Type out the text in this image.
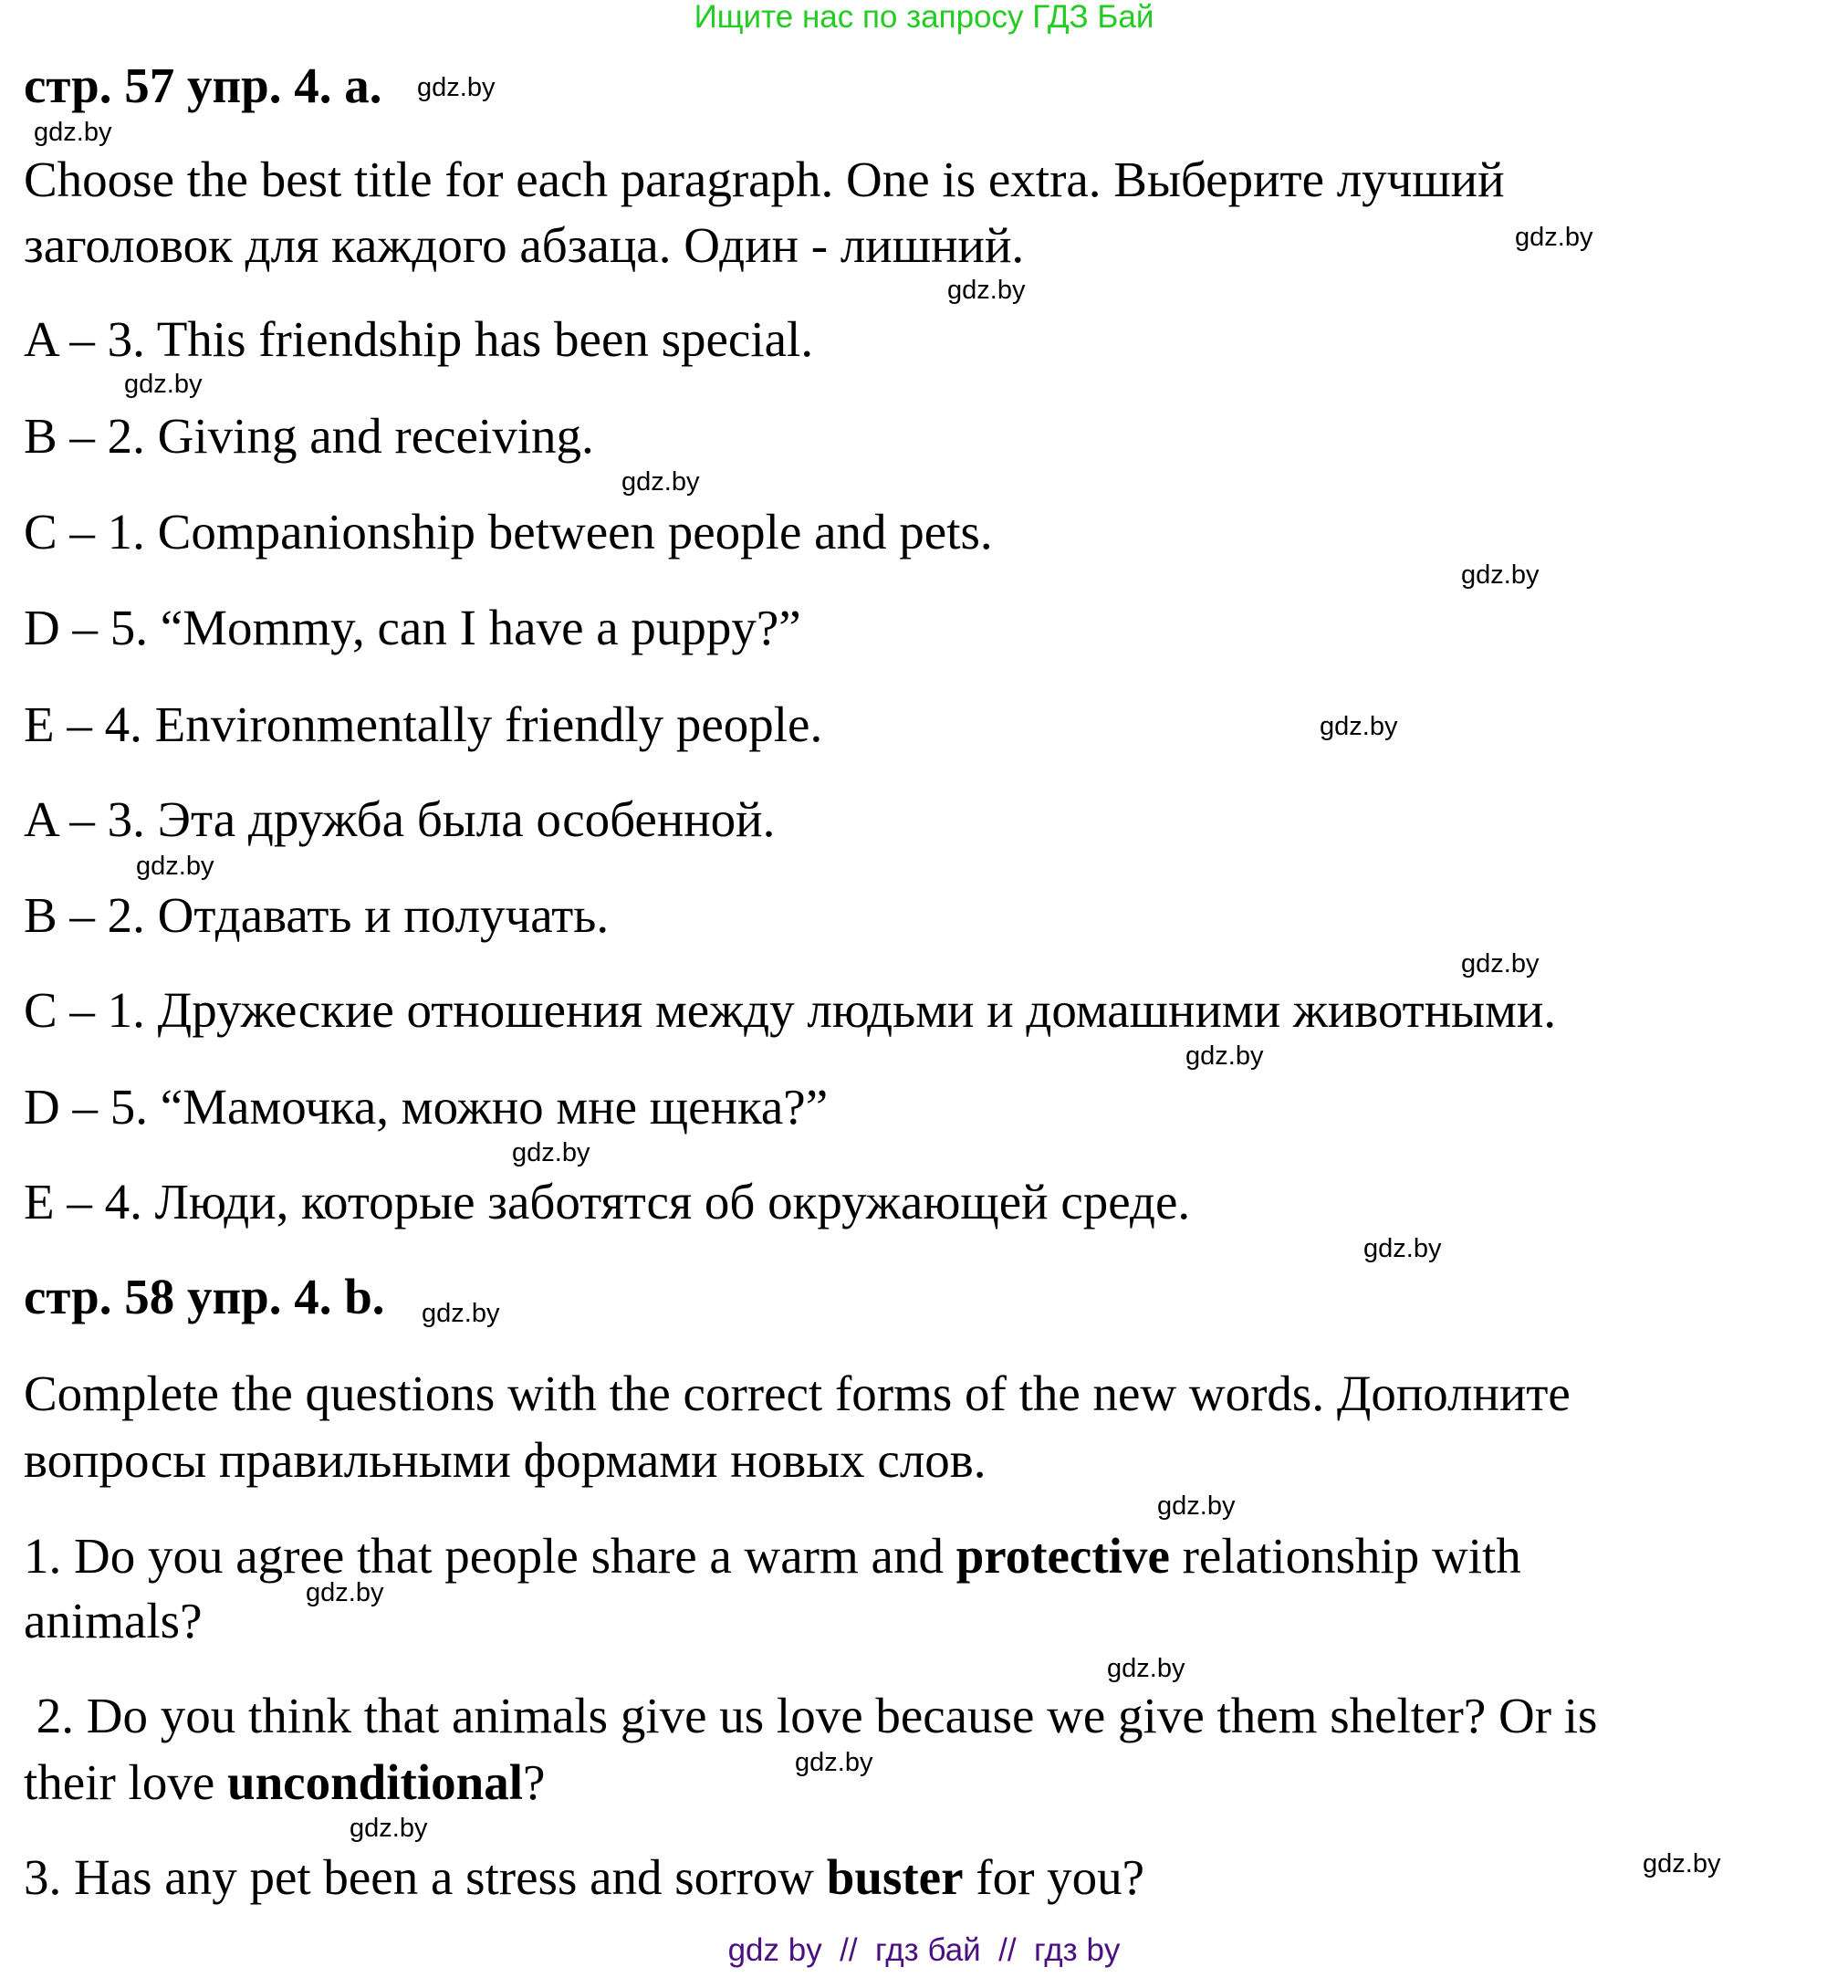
Ищите нас по запросу ГДЗ Бай
стр. 57 упр. 4. a.
Choose the best title for each paragraph. One is extra. Выберите лучший
заголовок для каждого абзаца. Один - лишний.
A – 3. This friendship has been special.
B – 2. Giving and receiving.
C – 1. Companionship between people and pets.
D – 5. “Mommy, can I have a puppy?”
E – 4. Environmentally friendly people.
A – 3. Эта дружба была особенной.
B – 2. Отдавать и получать.
C – 1. Дружеские отношения между людьми и домашними животными.
D – 5. “Мамочка, можно мне щенка?”
E – 4. Люди, которые заботятся об окружающей среде.
стр. 58 упр. 4. b.
Complete the questions with the correct forms of the new words. Дополните
вопросы правильными формами новых слов.
1. Do you agree that people share a warm and protective relationship with
animals?
2. Do you think that animals give us love because we give them shelter? Or is
their love unconditional?
3. Has any pet been a stress and sorrow buster for you?
gdz.by
gdz.by
gdz.by
gdz.by
gdz.by
gdz.by
gdz.by
gdz.by
gdz.by
gdz.by
gdz.by
gdz.by
gdz.by
gdz.by
gdz.by
gdz.by
gdz.by
gdz.by
gdz.by
gdz.by
gdz by  //  гдз бай  //  гдз by
